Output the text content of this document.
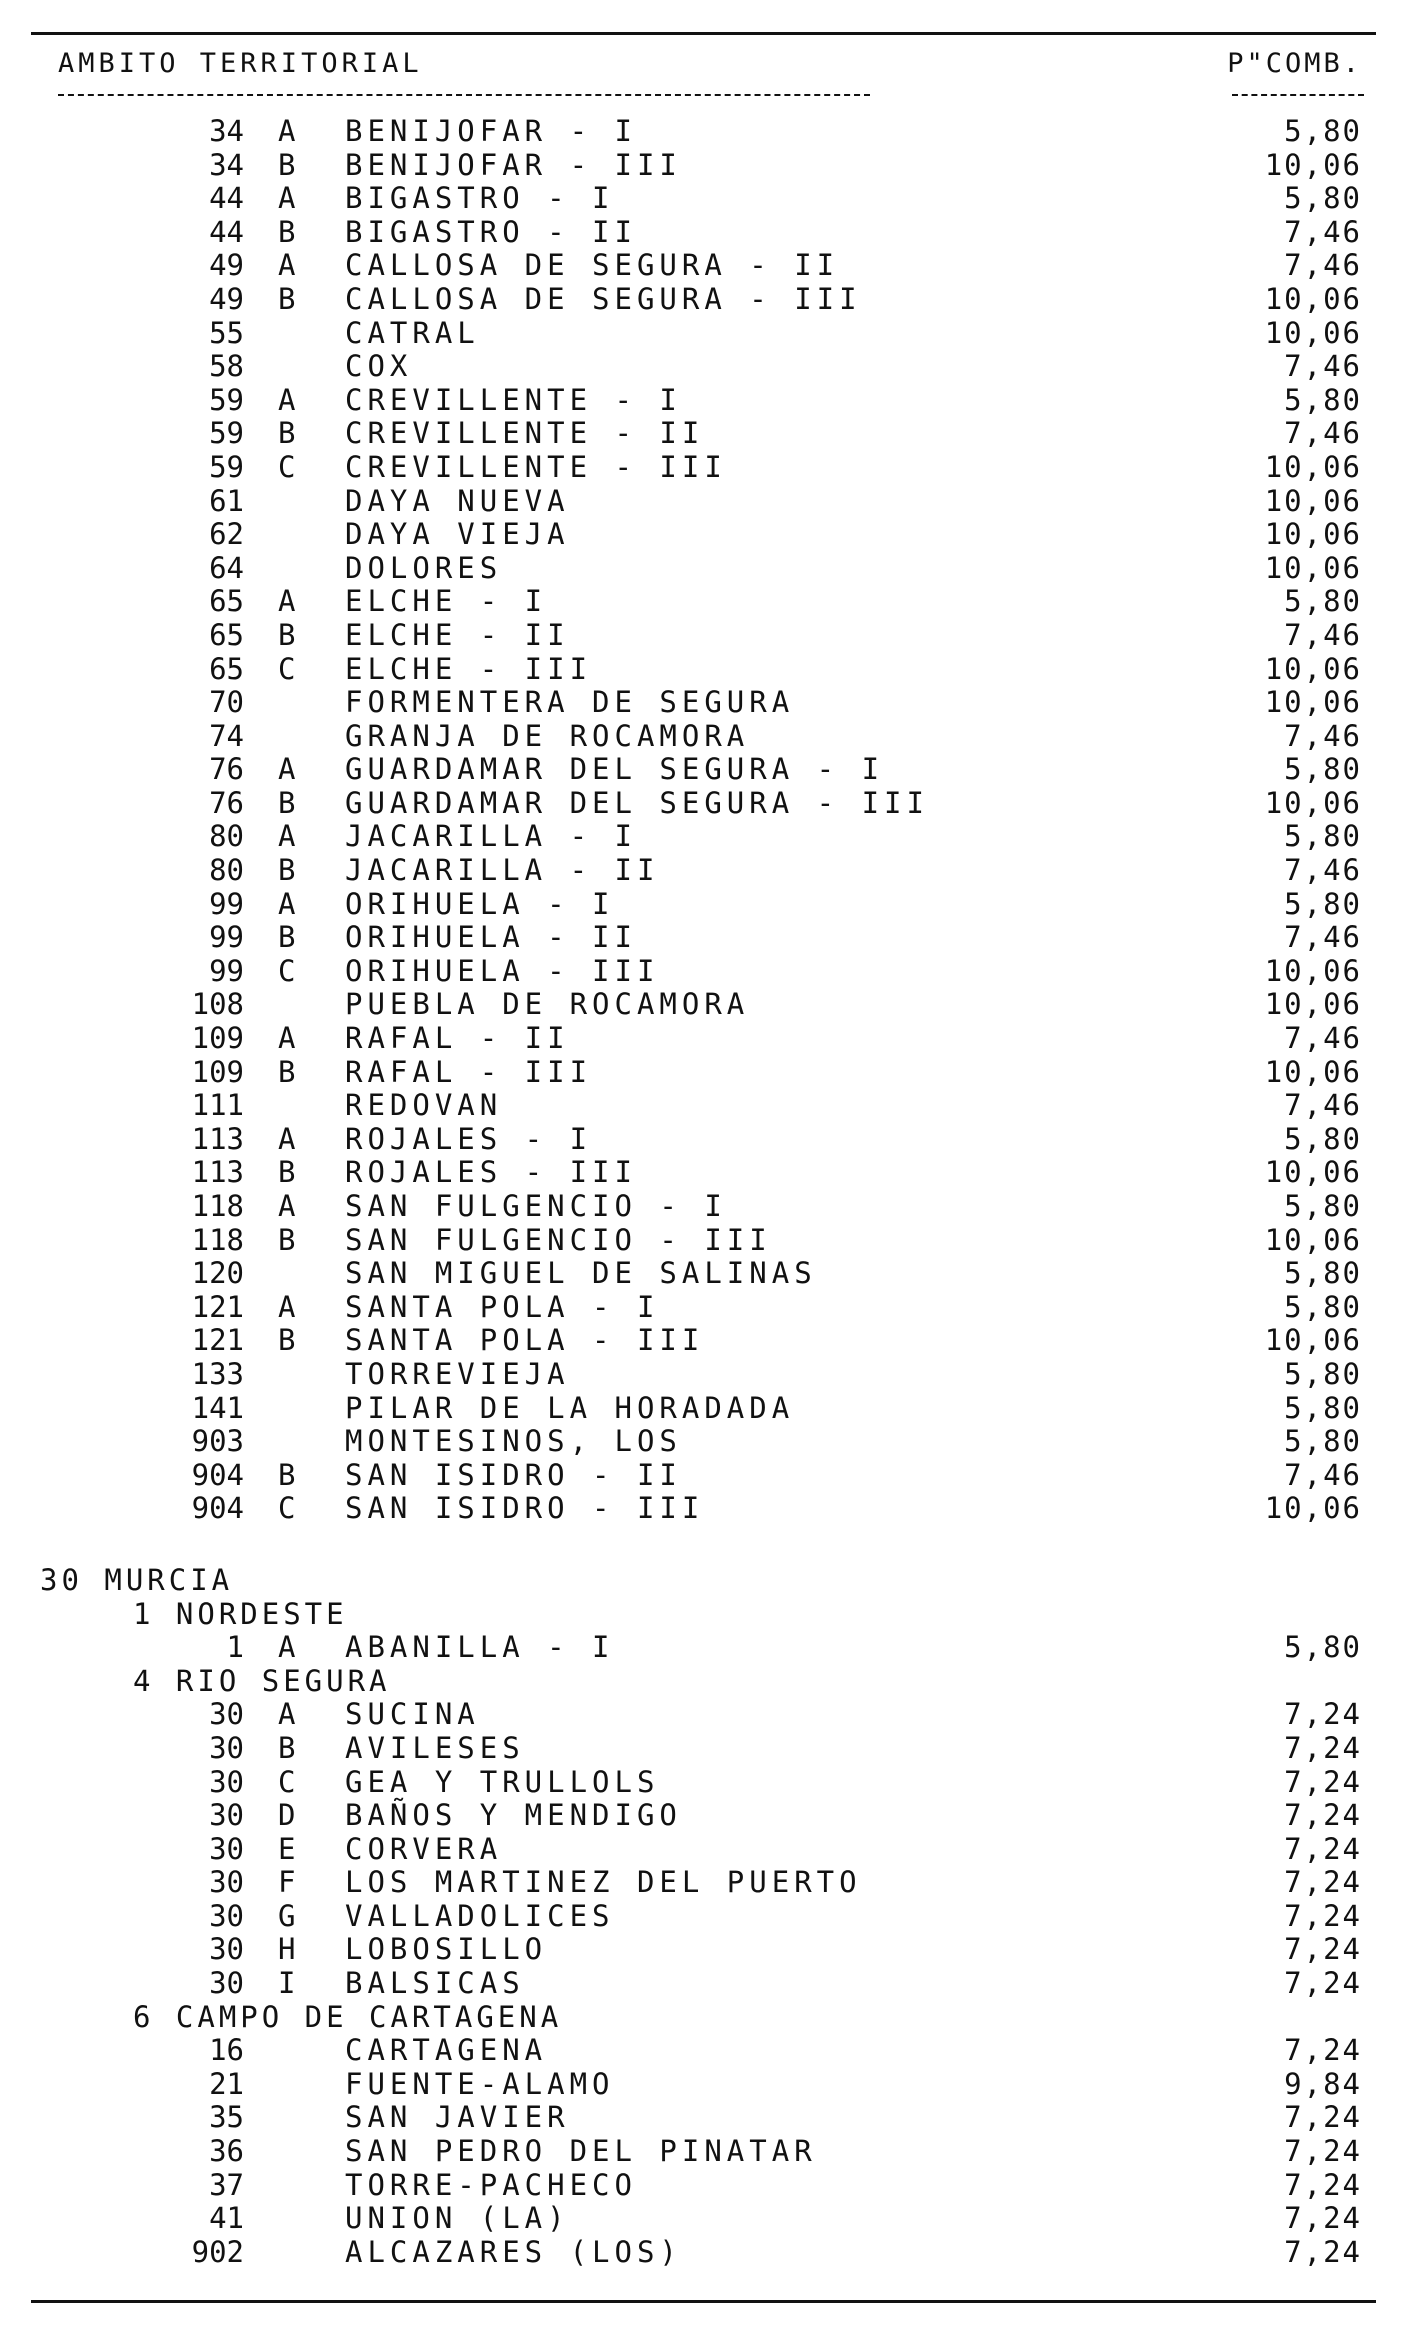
AMBITO TERRITORIAL	P"COMB.
34 A BENIJOFAR - I	5,80
34 B BENIJOFAR - III	10,06
44 A BIGASTRO - I	5,80
44 B BIGASTRO - II	7,46
49 A CALLOSA DE SEGURA - II	7,46
49 B CALLOSA DE SEGURA - III	10,06
55	CATRAL	10,06
58	COX	7,46
59 A CREVILLENTE - I	5,80
59 B CREVILLENTE - II	7,46
59 C CREVILLENTE - III	10,06
61	DAYA NUEVA	10,06
62	DAYA VIEJA	10,06
64	DOLORES	10,06
65 A ELCHE - I	5,80
65 B ELCHE - II	7,46
65 C ELCHE - III	10,06
70	FORMENTERA DE SEGURA	10,06
74	GRANJA DE ROCAMORA	7,46
76 A GUARDAMAR DEL SEGURA - I	5,80
76 B GUARDAMAR DEL SEGURA - III	10,06
80 A JACARILLA - I	5,80
80 B JACARILLA - II	7,46
99 A ORIHUELA - I	5,80
99 B ORIHUELA - II	7,46
99 C ORIHUELA - III	10,06
108	PUEBLA DE ROCAMORA	10,06
109 A RAFAL - II	7,46
109 B RAFAL - III	10,06
111	REDOVAN	7,46
113 A ROJALES - I	5,80
113 B ROJALES - III	10,06
118 A SAN FULGENCIO - I	5,80
118 B SAN FULGENCIO - III	10,06
120	SAN MIGUEL DE SALINAS	5,80
121 A SANTA POLA - I	5,80
121 B SANTA POLA - III	10,06
133	TORREVIEJA	5,80
141	PILAR DE LA HORADADA	5,80
903	MONTESINOS, LOS	5,80
904 B SAN ISIDRO - II	7,46
904 C SAN ISIDRO - III	10,06
30 MURCIA
1 NORDESTE
1 A ABANILLA - I	5,80
4 RIO SEGURA
30 A SUCINA	7,24
30 B AVILESES	7,24
30 C GEA Y TRULLOLS	7,24
30 D BAÑOS Y MENDIGO	7,24
30 E CORVERA	7,24
30 F LOS MARTINEZ DEL PUERTO	7,24
30 G VALLADOLICES	7,24
30 H LOBOSILLO	7,24
30 I BALSICAS	7,24
6 CAMPO DE CARTAGENA
16	CARTAGENA	7,24
21	FUENTE-ALAMO	9,84
35	SAN JAVIER	7,24
36	SAN PEDRO DEL PINATAR	7,24
37	TORRE-PACHECO	7,24
41	UNION (LA)	7,24
902	ALCAZARES (LOS)	7,24
